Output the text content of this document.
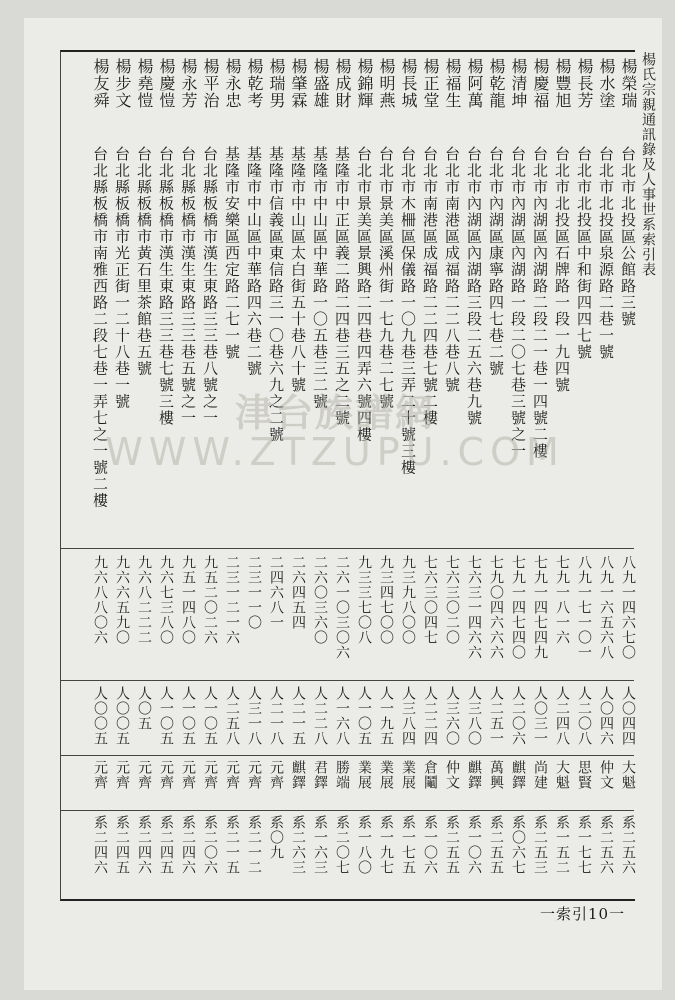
楊氏宗親通訊錄及人事世系索引表
楊榮瑞
台北市北投區公館路三號
八九一四六七〇
人〇四四
大魁
系二五六
楊水塗
台北市北投區泉源路二巷一號
八九一六五六八
人〇四六
仲文
系二五六
楊長芳
台北市北投區中和街四四七號
八九一七一〇一
人二〇八
思賢
系一七七
楊豐旭
台北市北投區石牌路一段一九四號
七九一八一六
人二四八
大魁
系一五二
楊慶福
台北市內湖區內湖路二段二一巷一四號二樓
七九一四七四九
人〇三一
尚建
系二五三
楊清坤
台北市內湖區內湖路一段二〇七巷三號之一
七九一四七四〇
人二〇六
麒鐸
系〇六七
楊乾龍
台北市內湖區康寧路四七巷二號
七九〇四六六六
人二五一
萬興
系二五五
楊阿萬
台北市內湖區內湖路三段二五六巷九號
七六三一四六六
人三八〇
麒鐸
系一〇六
楊福生
台北市南港區成福路二二八巷八號
七六三〇二〇
人三六〇
仲文
系二五五
楊正堂
台北市南港區成福路二二四巷七號二樓
七六三〇四七
人二二四
倉鬮
系一〇六
楊長城
台北市木柵區保儀路一〇九巷三弄二十號三樓
九三九八〇〇
人三八四
業展
系一七五
楊明燕
台北市景美區溪州街一七九巷二七號
九三四七〇〇
人一九五
業展
系一九七
楊錦輝
台北市景美區景興路二四巷四弄六號四樓
九三三七〇八
人一〇五
業展
系一八〇
楊成財
基隆市中正區義二路二四巷三五之二號
二六一〇三〇六
人一六八
勝端
系二〇七
楊盛雄
基隆市中山區中華路一〇五巷三二號
二六〇三六〇
人二二八
君鐸
系一六三
楊肇霖
基隆市中山區太白街五十巷八十號
二六四五四
人二一五
麒鐸
系二六三
楊瑞男
基隆市信義區東信路三一〇巷六九之二號
二四六八一
人二一八
元齊
系〇九
楊乾考
基隆市中山區中華路四六巷二號
二三一一〇
人三一八
元齊
系二一二
楊永忠
基隆市安樂區西定路二七一號
二三一二一六
人二五八
元齊
系二一五
楊平治
台北縣板橋市漢生東路三三巷八號之一
九五二〇二六
人一〇五
元齊
系二〇六
楊永芳
台北縣板橋市漢生東路三三巷五號之一
九五一四八〇
人一〇五
元齊
系二四六
楊慶愷
台北縣板橋市漢生東路三三巷七號三樓
九六七三八〇
人一〇五
元齊
系二四五
楊堯愷
台北縣板橋市黃石里茶館巷五號
九六八二二二
人〇五
元齊
系二四六
楊步文
台北縣板橋市光正街一二十八巷一號
九六六五九〇
人〇〇五
元齊
系二四五
楊友舜
台北縣板橋市南雅西路二段七巷一弄七之一號二樓
九六八八〇六
人〇〇五
元齊
系二四六
津台族譜網
WWW.ZTZUPU.COM
一索引10一
